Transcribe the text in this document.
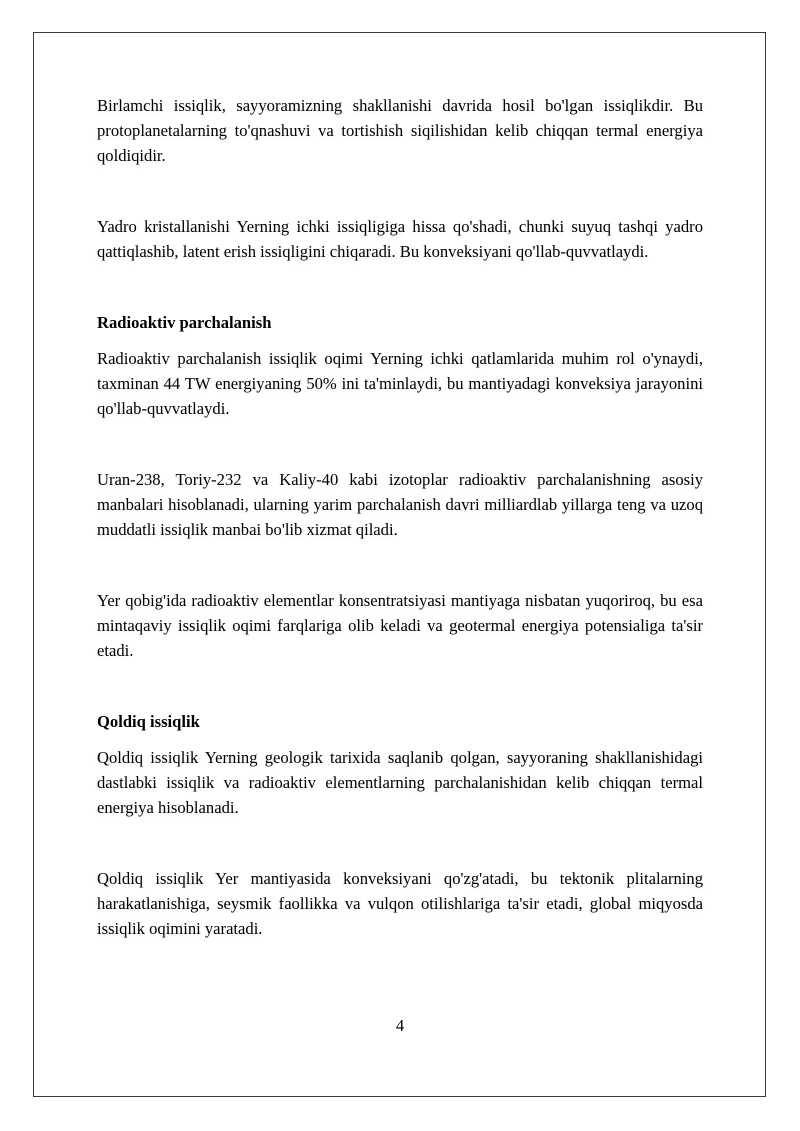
Birlamchi issiqlik, sayyoramizning shakllanishi davrida hosil bo'lgan issiqlikdir. Bu protoplanetalarning to'qnashuvi va tortishish siqilishidan kelib chiqqan termal energiya qoldiqidir.

Yadro kristallanishi Yerning ichki issiqligiga hissa qo'shadi, chunki suyuq tashqi yadro qattiqlashib, latent erish issiqligini chiqaradi. Bu konveksiyani qo'llab-quvvatlaydi.

Radioaktiv parchalanish

Radioaktiv parchalanish issiqlik oqimi Yerning ichki qatlamlarida muhim rol o'ynaydi, taxminan 44 TW energiyaning 50% ini ta'minlaydi, bu mantiyadagi konveksiya jarayonini qo'llab-quvvatlaydi.

Uran-238, Toriy-232 va Kaliy-40 kabi izotoplar radioaktiv parchalanishning asosiy manbalari hisoblanadi, ularning yarim parchalanish davri milliardlab yillarga teng va uzoq muddatli issiqlik manbai bo'lib xizmat qiladi.

Yer qobig'ida radioaktiv elementlar konsentratsiyasi mantiyaga nisbatan yuqoriroq, bu esa mintaqaviy issiqlik oqimi farqlariga olib keladi va geotermal energiya potensialiga ta'sir etadi.

Qoldiq issiqlik

Qoldiq issiqlik Yerning geologik tarixida saqlanib qolgan, sayyoraning shakllanishidagi dastlabki issiqlik va radioaktiv elementlarning parchalanishidan kelib chiqqan termal energiya hisoblanadi.

Qoldiq issiqlik Yer mantiyasida konveksiyani qo'zg'atadi, bu tektonik plitalarning harakatlanishiga, seysmik faollikka va vulqon otilishlariga ta'sir etadi, global miqyosda issiqlik oqimini yaratadi.

4
